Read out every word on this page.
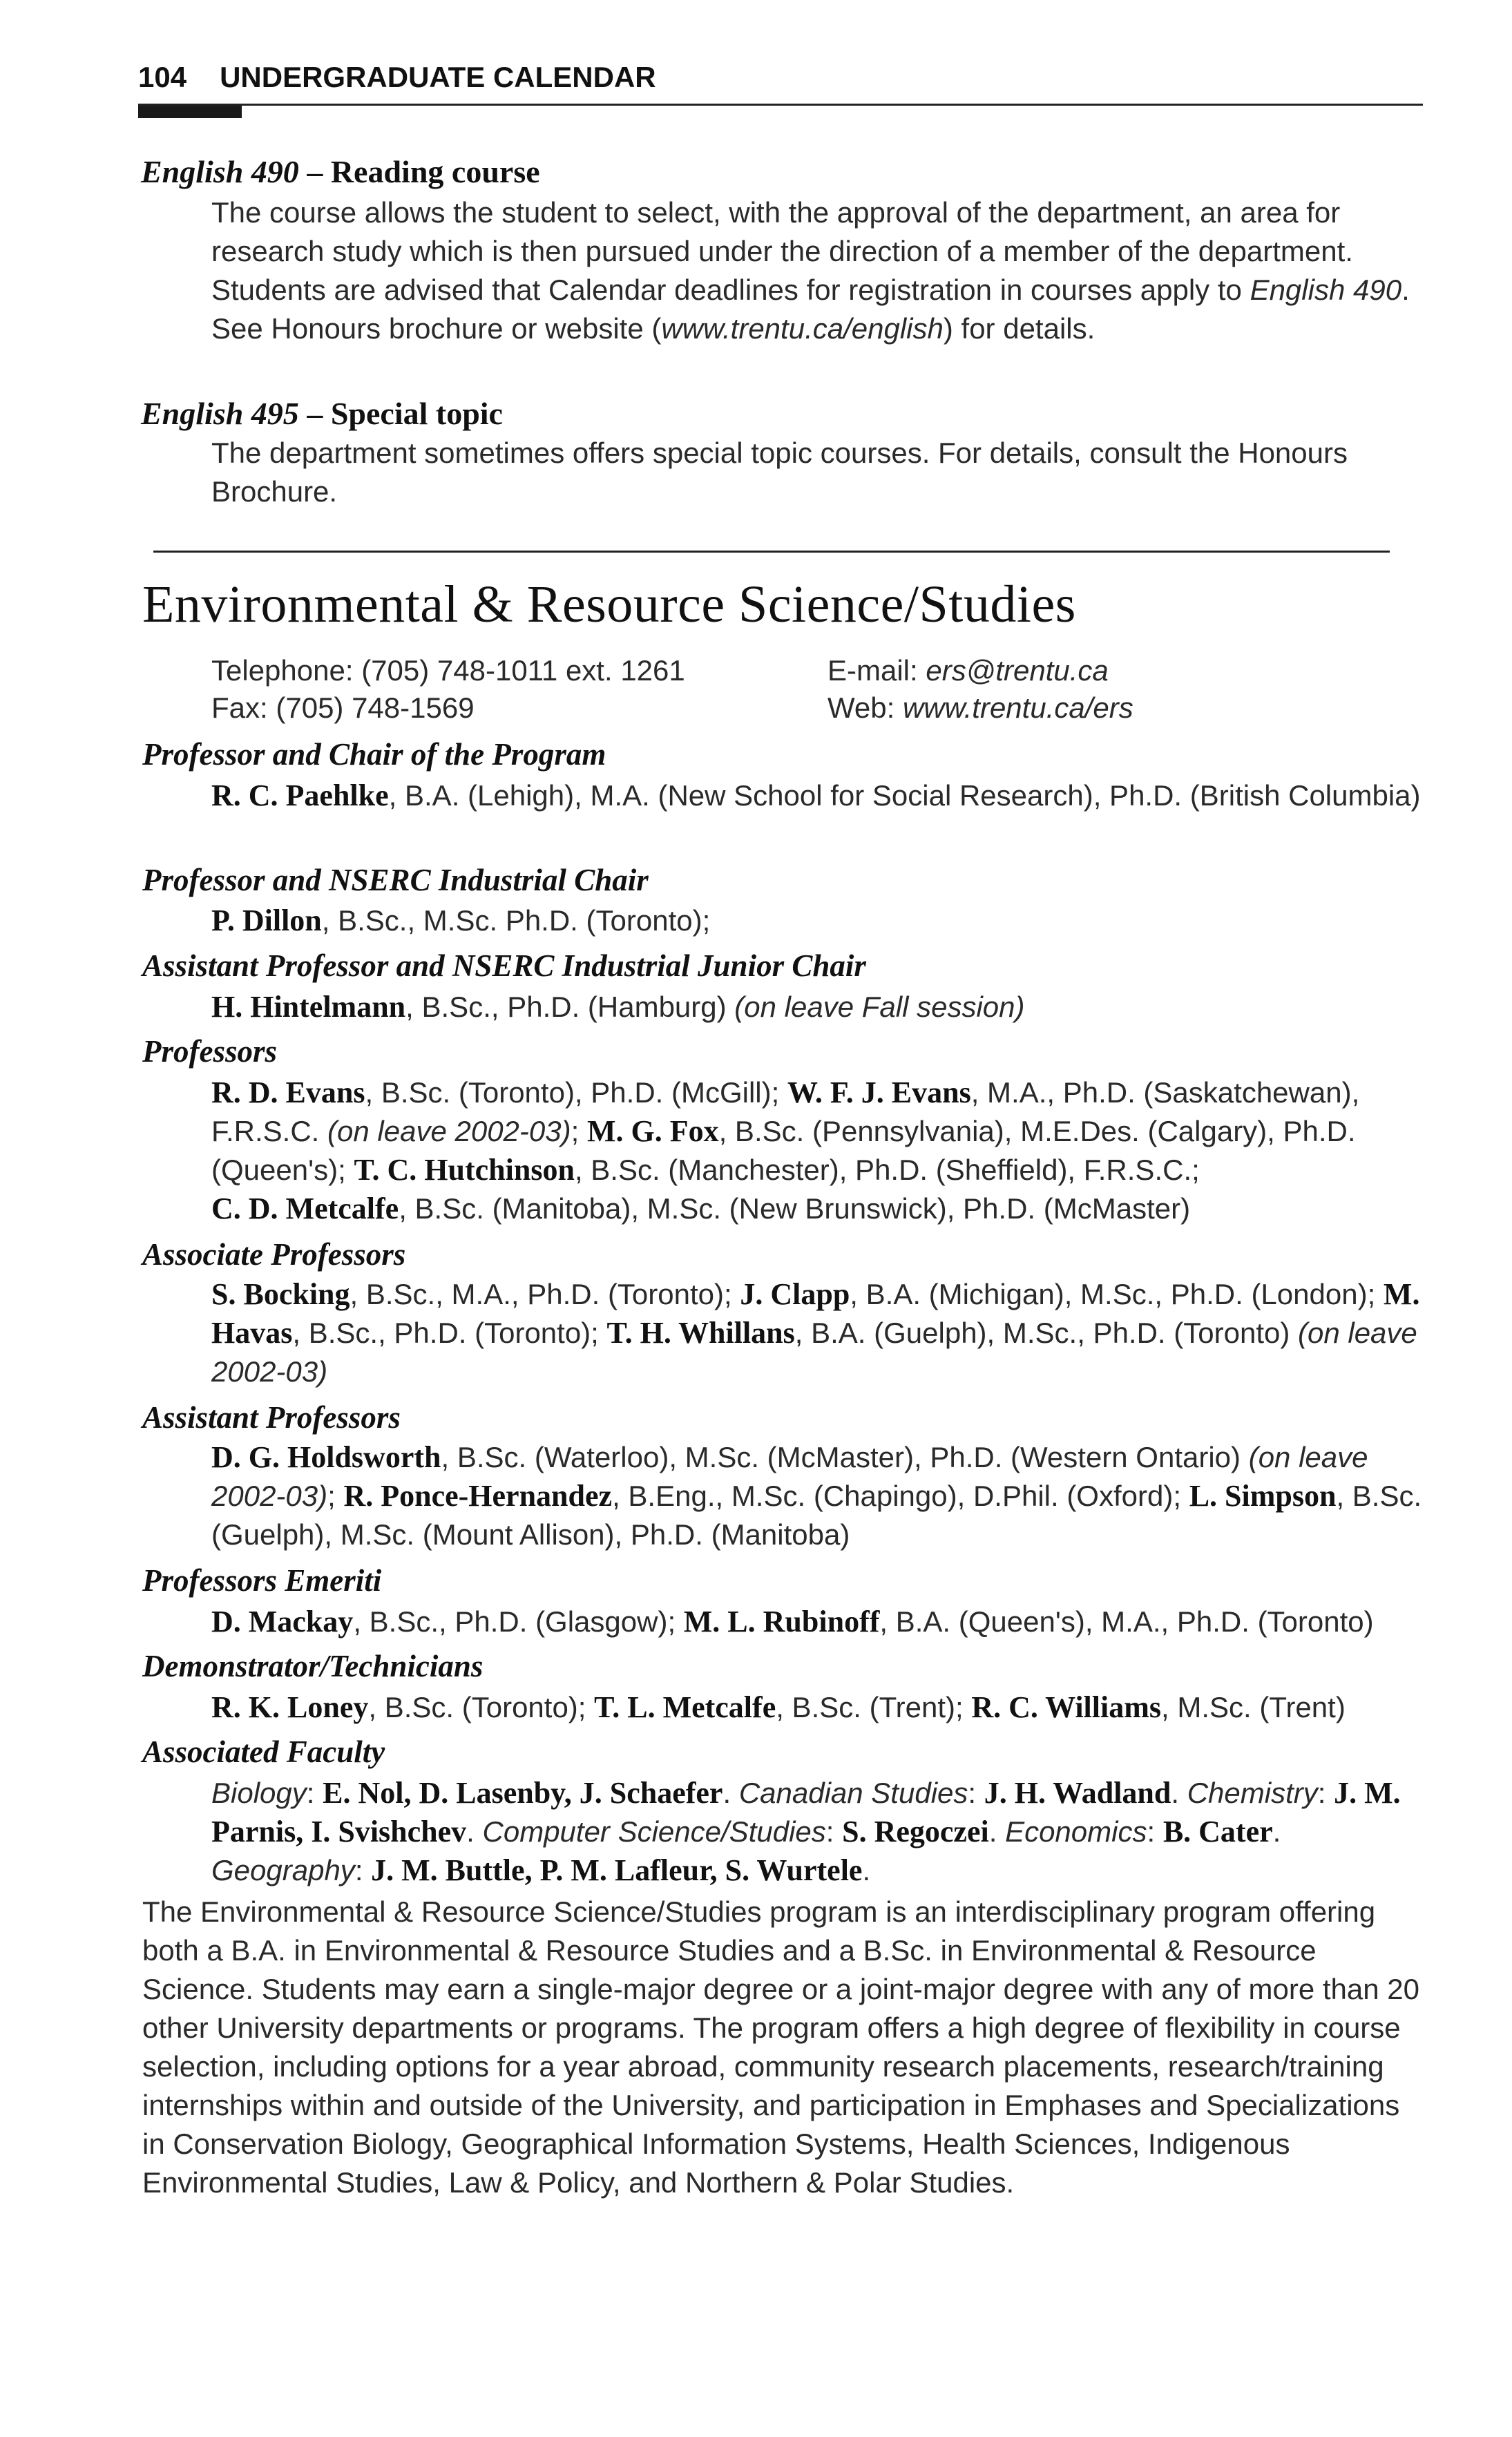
104 UNDERGRADUATE CALENDAR
English 490 – Reading course
The course allows the student to select, with the approval of the department, an area for research study which is then pursued under the direction of a member of the department. Students are advised that Calendar deadlines for registration in courses apply to English 490. See Honours brochure or website (www.trentu.ca/english) for details.
English 495 – Special topic
The department sometimes offers special topic courses. For details, consult the Honours Brochure.
Environmental & Resource Science/Studies
Telephone: (705) 748-1011 ext. 1261
Fax: (705) 748-1569
E-mail: ers@trentu.ca
Web: www.trentu.ca/ers
Professor and Chair of the Program
R. C. Paehlke, B.A. (Lehigh), M.A. (New School for Social Research), Ph.D. (British Columbia)
Professor and NSERC Industrial Chair
P. Dillon, B.Sc., M.Sc. Ph.D. (Toronto);
Assistant Professor and NSERC Industrial Junior Chair
H. Hintelmann, B.Sc., Ph.D. (Hamburg) (on leave Fall session)
Professors
R. D. Evans, B.Sc. (Toronto), Ph.D. (McGill); W. F. J. Evans, M.A., Ph.D. (Saskatchewan), F.R.S.C. (on leave 2002-03); M. G. Fox, B.Sc. (Pennsylvania), M.E.Des. (Calgary), Ph.D. (Queen's); T. C. Hutchinson, B.Sc. (Manchester), Ph.D. (Sheffield), F.R.S.C.;
C. D. Metcalfe, B.Sc. (Manitoba), M.Sc. (New Brunswick), Ph.D. (McMaster)
Associate Professors
S. Bocking, B.Sc., M.A., Ph.D. (Toronto); J. Clapp, B.A. (Michigan), M.Sc., Ph.D. (London); M. Havas, B.Sc., Ph.D. (Toronto); T. H. Whillans, B.A. (Guelph), M.Sc., Ph.D. (Toronto) (on leave 2002-03)
Assistant Professors
D. G. Holdsworth, B.Sc. (Waterloo), M.Sc. (McMaster), Ph.D. (Western Ontario) (on leave 2002-03); R. Ponce-Hernandez, B.Eng., M.Sc. (Chapingo), D.Phil. (Oxford); L. Simpson, B.Sc. (Guelph), M.Sc. (Mount Allison), Ph.D. (Manitoba)
Professors Emeriti
D. Mackay, B.Sc., Ph.D. (Glasgow); M. L. Rubinoff, B.A. (Queen's), M.A., Ph.D. (Toronto)
Demonstrator/Technicians
R. K. Loney, B.Sc. (Toronto); T. L. Metcalfe, B.Sc. (Trent); R. C. Williams, M.Sc. (Trent)
Associated Faculty
Biology: E. Nol, D. Lasenby, J. Schaefer. Canadian Studies: J. H. Wadland. Chemistry: J. M. Parnis, I. Svishchev. Computer Science/Studies: S. Regoczei. Economics: B. Cater. Geography: J. M. Buttle, P. M. Lafleur, S. Wurtele.
The Environmental & Resource Science/Studies program is an interdisciplinary program offering both a B.A. in Environmental & Resource Studies and a B.Sc. in Environmental & Resource Science. Students may earn a single-major degree or a joint-major degree with any of more than 20 other University departments or programs. The program offers a high degree of flexibility in course selection, including options for a year abroad, community research placements, research/training internships within and outside of the University, and participation in Emphases and Specializations in Conservation Biology, Geographical Information Systems, Health Sciences, Indigenous Environmental Studies, Law & Policy, and Northern & Polar Studies.
